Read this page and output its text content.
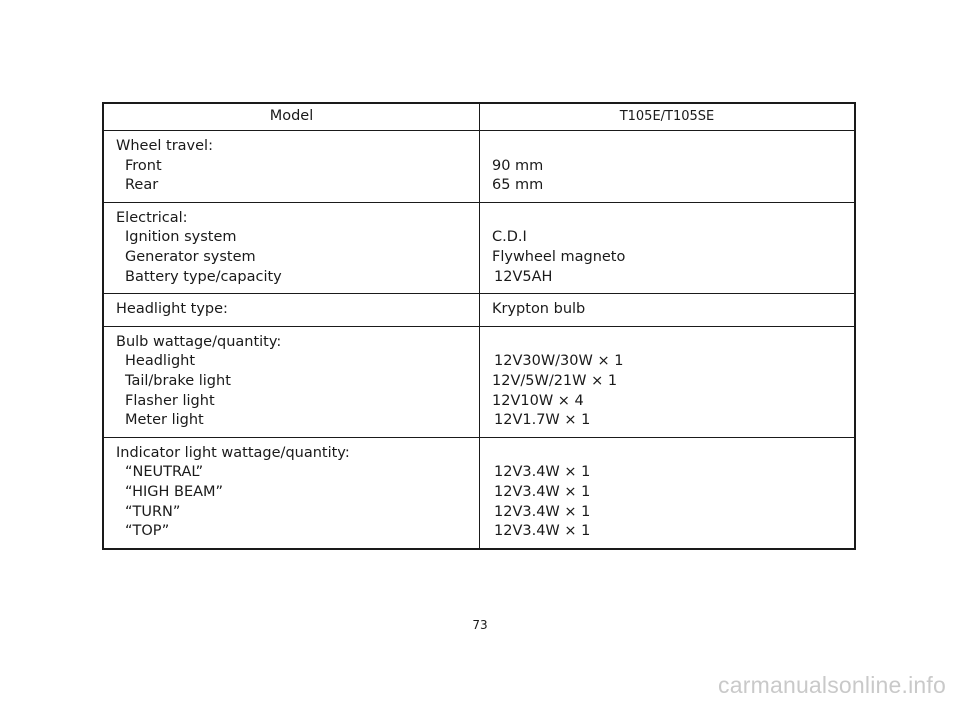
Model	T105E/T105SE
Wheel travel:
Front
Rear
90 mm
65 mm
Electrical:
Ignition system
Generator system
Battery type/capacity
C.D.I
Flywheel magneto
12V5AH
Headlight type:	Krypton bulb
Bulb wattage/quantity:
Headlight
Tail/brake light
Flasher light
Meter light
12V30W/30W × 1
12V/5W/21W × 1
12V10W × 4
12V1.7W × 1
Indicator light wattage/quantity:
“NEUTRAL”
“HIGH BEAM”
“TURN”
“TOP”
12V3.4W × 1
12V3.4W × 1
12V3.4W × 1
12V3.4W × 1
73
carmanualsonline.info
